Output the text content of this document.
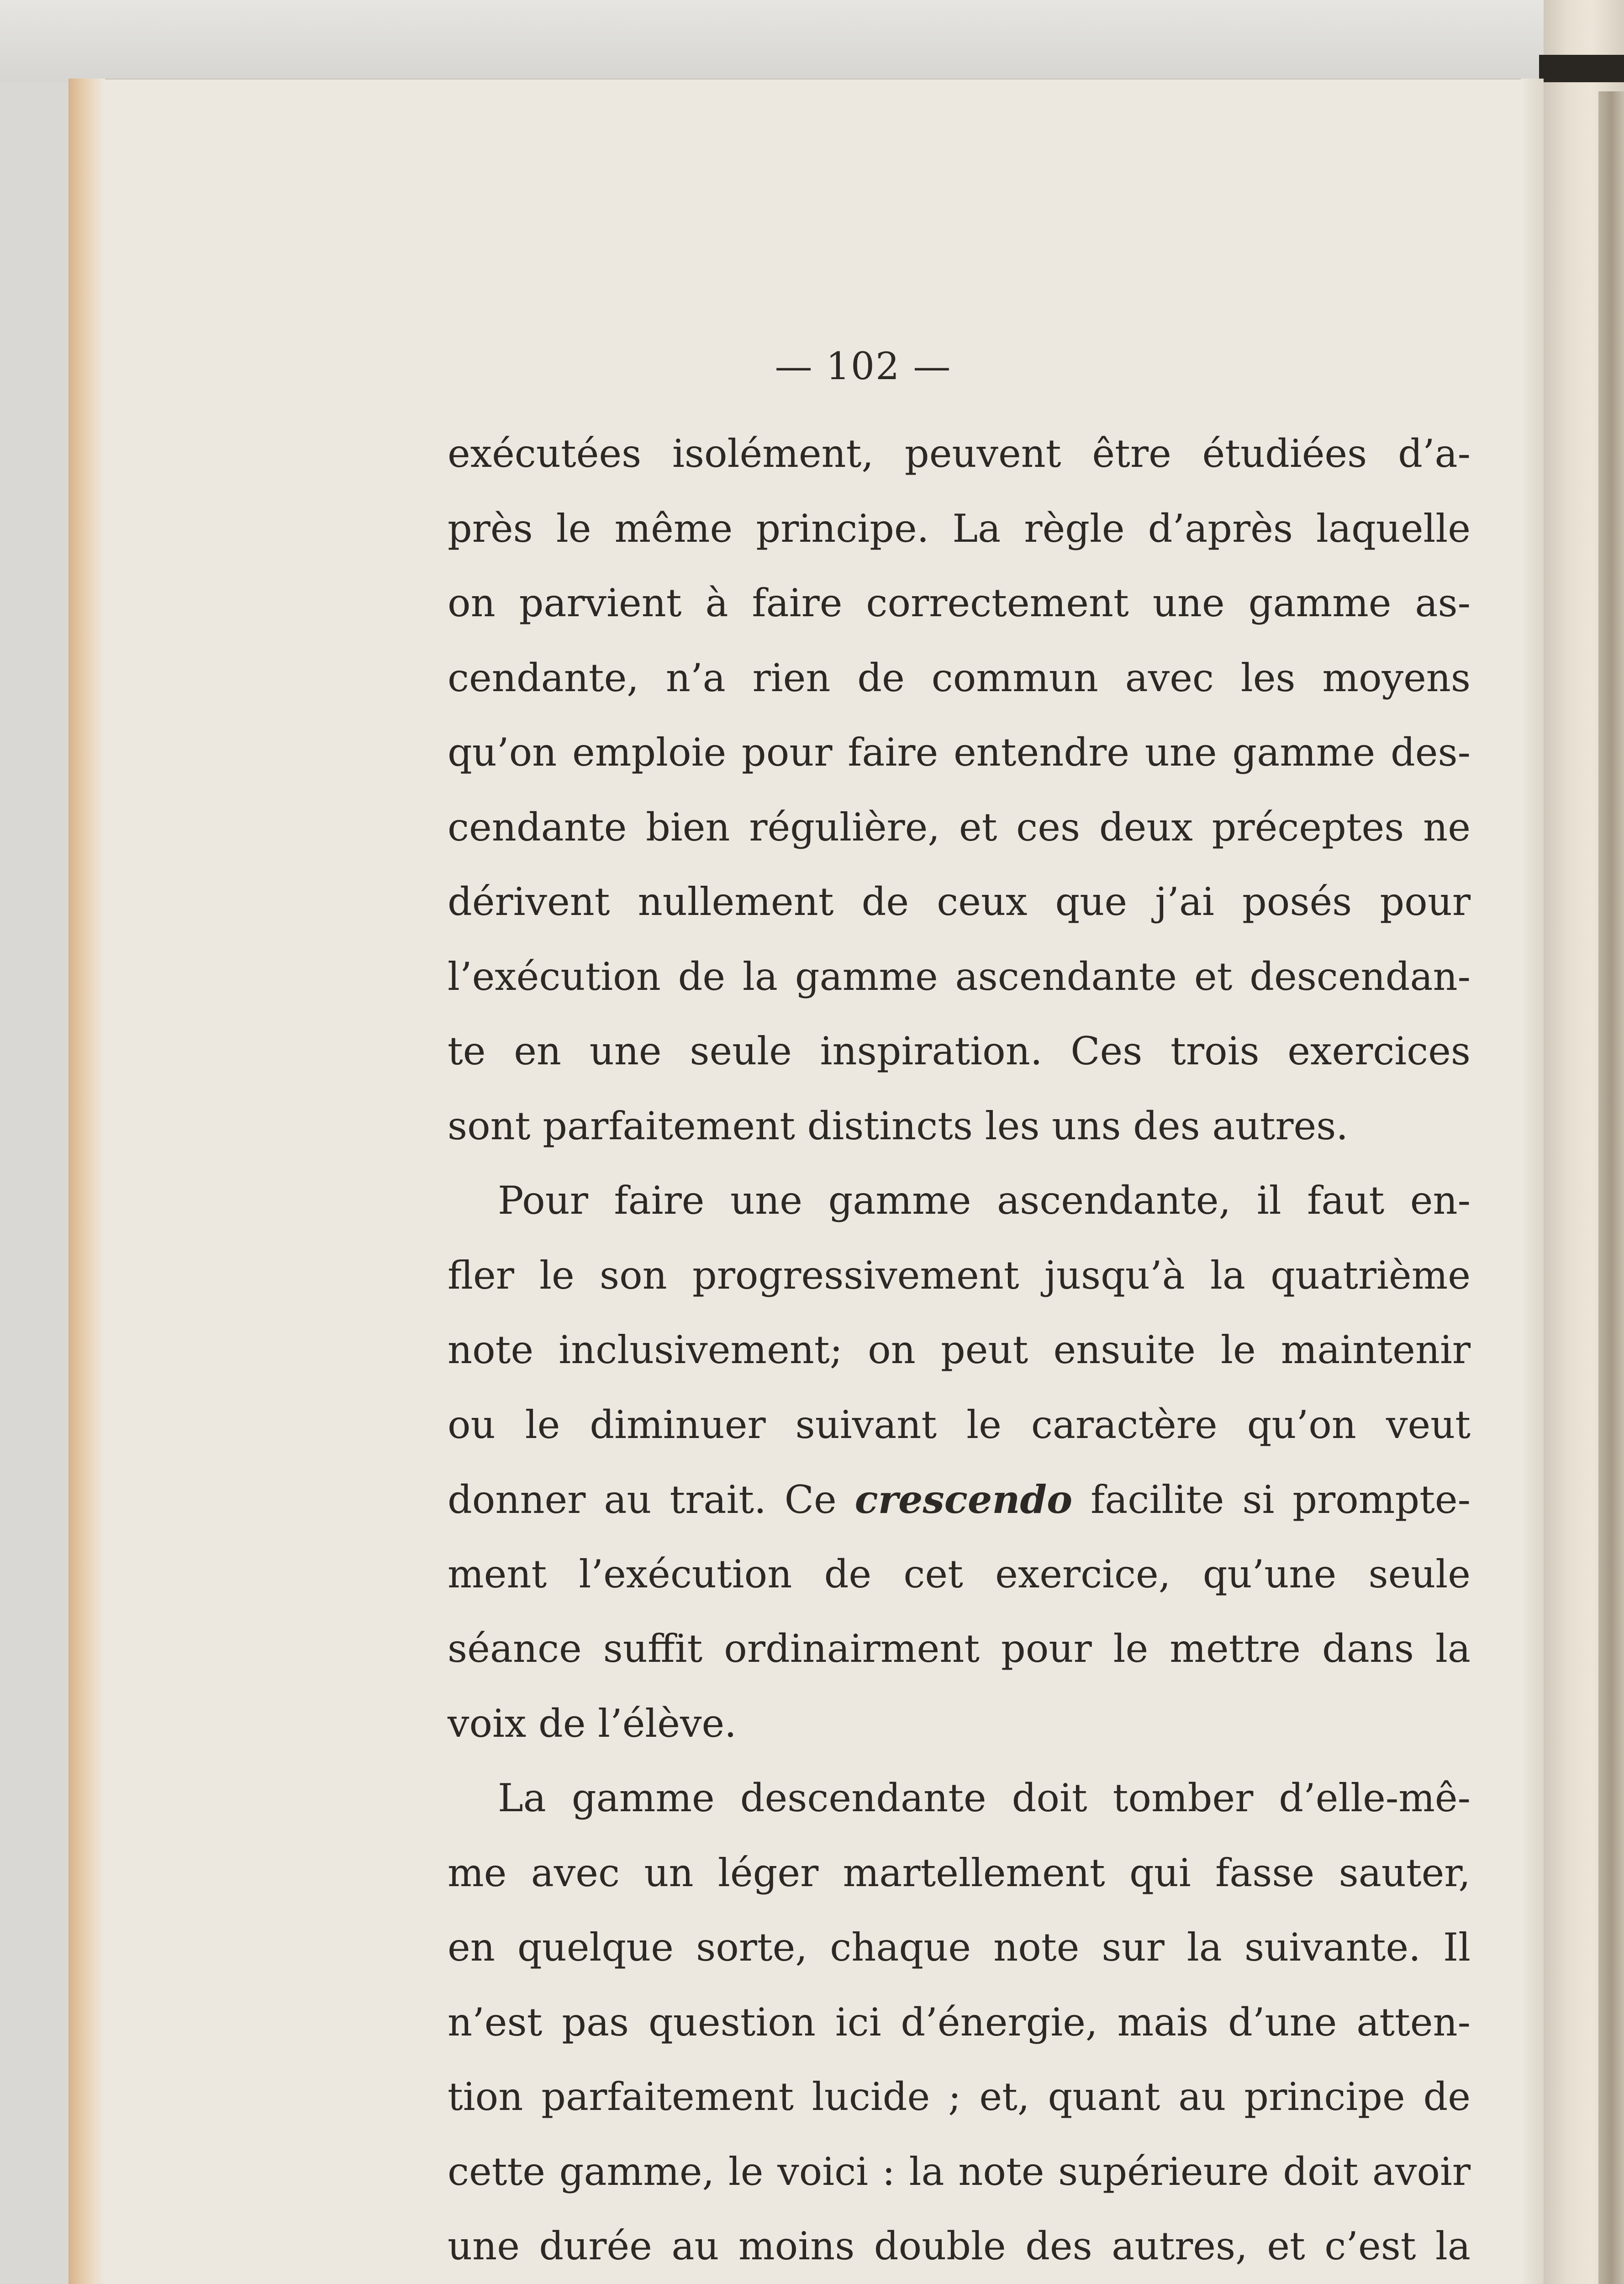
— 102 —
exécutées isolément, peuvent être étudiées d’a-
près le même principe. La règle d’après laquelle
on parvient à faire correctement une gamme as-
cendante, n’a rien de commun avec les moyens
qu’on emploie pour faire entendre une gamme des-
cendante bien régulière, et ces deux préceptes ne
dérivent nullement de ceux que j’ai posés pour
l’exécution de la gamme ascendante et descendan-
te en une seule inspiration. Ces trois exercices
sont parfaitement distincts les uns des autres.
Pour faire une gamme ascendante, il faut en-
fler le son progressivement jusqu’à la quatrième
note inclusivement; on peut ensuite le maintenir
ou le diminuer suivant le caractère qu’on veut
donner au trait. Ce crescendo facilite si prompte-
ment l’exécution de cet exercice, qu’une seule
séance suffit ordinairment pour le mettre dans la
voix de l’élève.
La gamme descendante doit tomber d’elle-mê-
me avec un léger martellement qui fasse sauter,
en quelque sorte, chaque note sur la suivante. Il
n’est pas question ici d’énergie, mais d’une atten-
tion parfaitement lucide ; et, quant au principe de
cette gamme, le voici : la note supérieure doit avoir
une durée au moins double des autres, et c’est la
